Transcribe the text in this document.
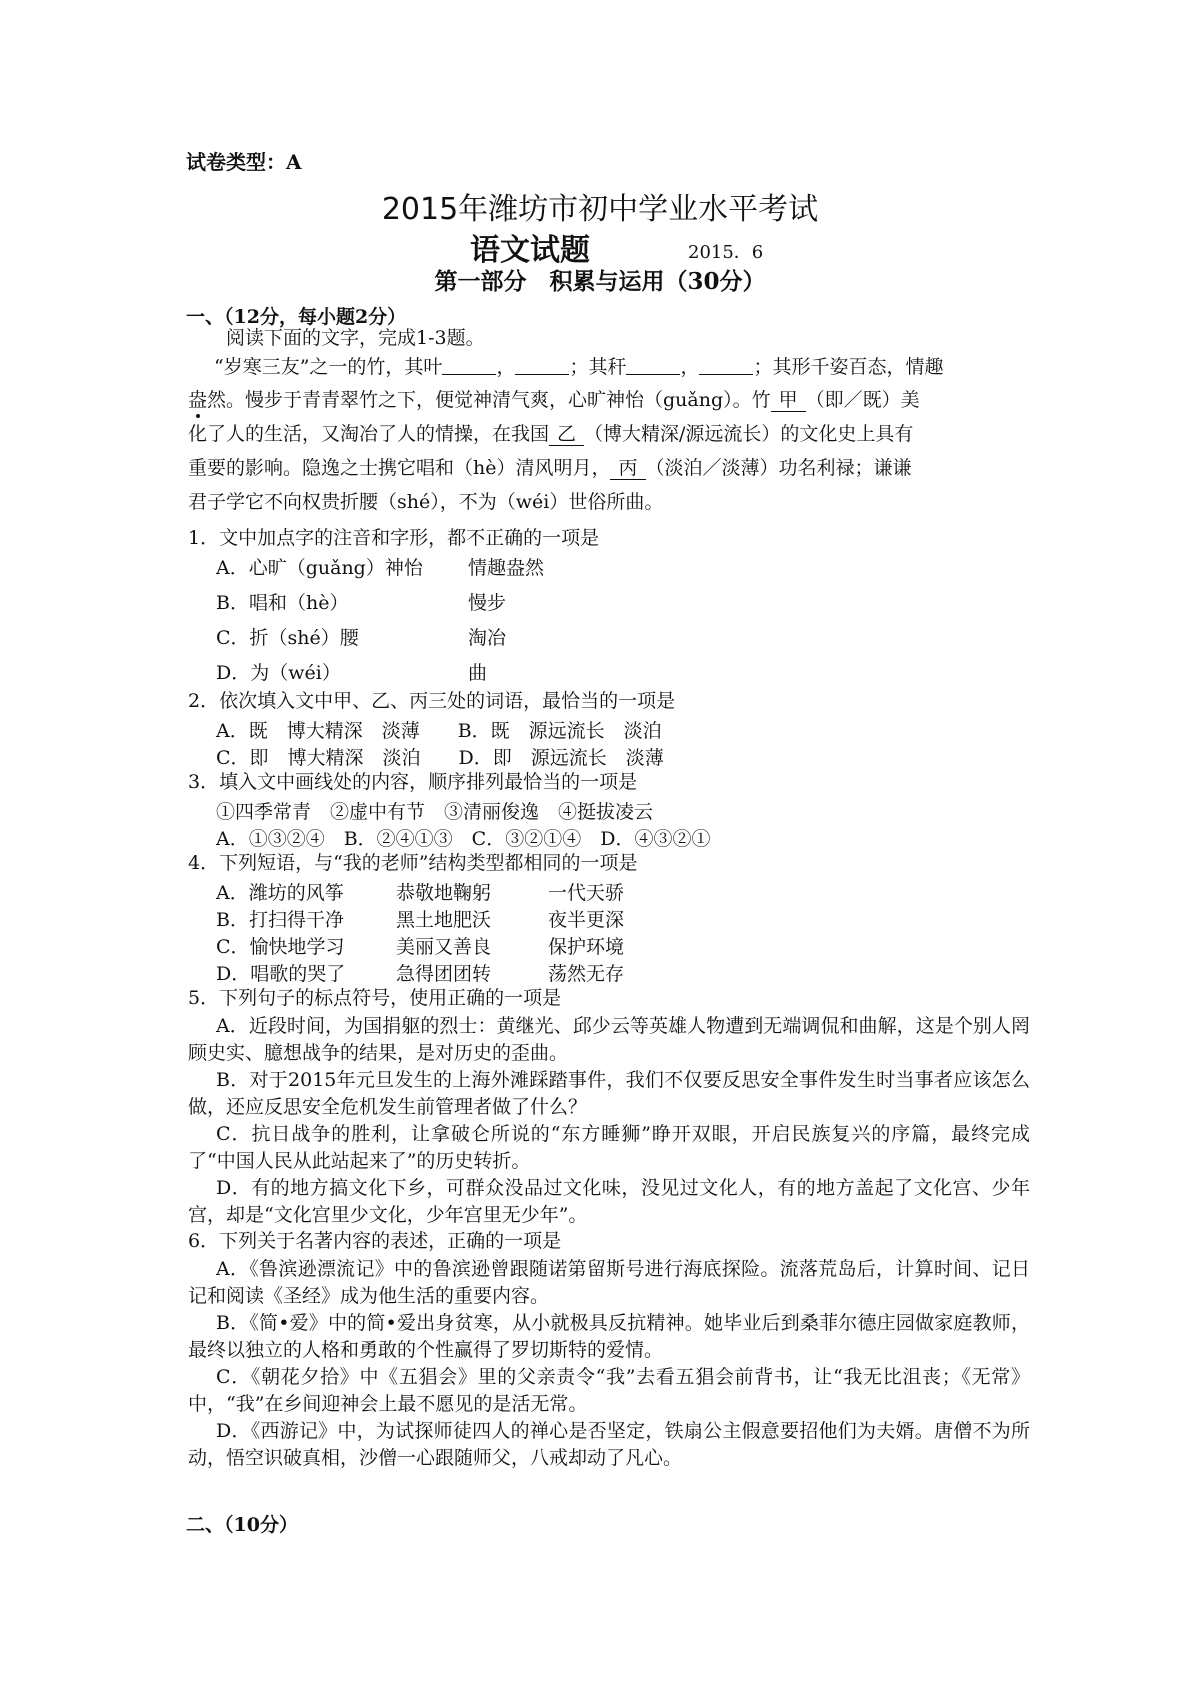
试卷类型：A
2015年潍坊市初中学业水平考试
语文试题	2015．6
第一部分　积累与运用（30分）
一、（12分，每小题2分）
阅读下面的文字，完成1-3题。
“岁寒三友”之一的竹，其叶	，	；其秆	，	；其形千姿百态，情趣
盎然。慢步于青青翠竹之下，便觉神清气爽，心旷神怡（guǎng）。竹 甲 （即／既）美
化了人的生活，又淘冶了人的情操，在我国 乙 （博大精深/源远流长）的文化史上具有
重要的影响。隐逸之士携它唱和（hè）清风明月， 丙 （淡泊／淡薄）功名利禄；谦谦
君子学它不向权贵折腰（shé），不为（wéi）世俗所曲。
1．文中加点字的注音和字形，都不正确的一项是
A．心旷（guǎng）神怡 情趣盎然
B．唱和（hè）	慢步
C．折（shé）腰	淘冶
D．为（wéi）	曲
2．依次填入文中甲、乙、丙三处的词语，最恰当的一项是
A．既　博大精深　淡薄　　B．既　源远流长　淡泊
C．即　博大精深　淡泊　　D．即　源远流长　淡薄
3．填入文中画线处的内容，顺序排列最恰当的一项是
①四季常青　②虚中有节　③清丽俊逸　④挺拔凌云
A．①③②④　B．②④①③　C．③②①④　D．④③②①
4．下列短语，与“我的老师”结构类型都相同的一项是
A．潍坊的风筝	恭敬地鞠躬	一代天骄
B．打扫得干净	黑土地肥沃	夜半更深
C．愉快地学习	美丽又善良	保护环境
D．唱歌的哭了	急得团团转	荡然无存
5．下列句子的标点符号，使用正确的一项是
A．近段时间，为国捐躯的烈士：黄继光、邱少云等英雄人物遭到无端调侃和曲解，这是个别人罔顾史实、臆想战争的结果，是对历史的歪曲。
B．对于2015年元旦发生的上海外滩踩踏事件，我们不仅要反思安全事件发生时当事者应该怎么做，还应反思安全危机发生前管理者做了什么？
C．抗日战争的胜利，让拿破仑所说的“东方睡狮”睁开双眼，开启民族复兴的序篇，最终完成了“中国人民从此站起来了”的历史转折。
D．有的地方搞文化下乡，可群众没品过文化味，没见过文化人，有的地方盖起了文化宫、少年宫，却是“文化宫里少文化，少年宫里无少年”。
6．下列关于名著内容的表述，正确的一项是
A．《鲁滨逊漂流记》中的鲁滨逊曾跟随诺第留斯号进行海底探险。流落荒岛后，计算时间、记日记和阅读《圣经》成为他生活的重要内容。
B．《简•爱》中的简•爱出身贫寒，从小就极具反抗精神。她毕业后到桑菲尔德庄园做家庭教师，最终以独立的人格和勇敢的个性赢得了罗切斯特的爱情。
C．《朝花夕拾》中《五猖会》里的父亲责令“我”去看五猖会前背书，让“我无比沮丧；《无常》中，“我”在乡间迎神会上最不愿见的是活无常。
D．《西游记》中，为试探师徒四人的禅心是否坚定，铁扇公主假意要招他们为夫婿。唐僧不为所动，悟空识破真相，沙僧一心跟随师父，八戒却动了凡心。
二、（10分）
